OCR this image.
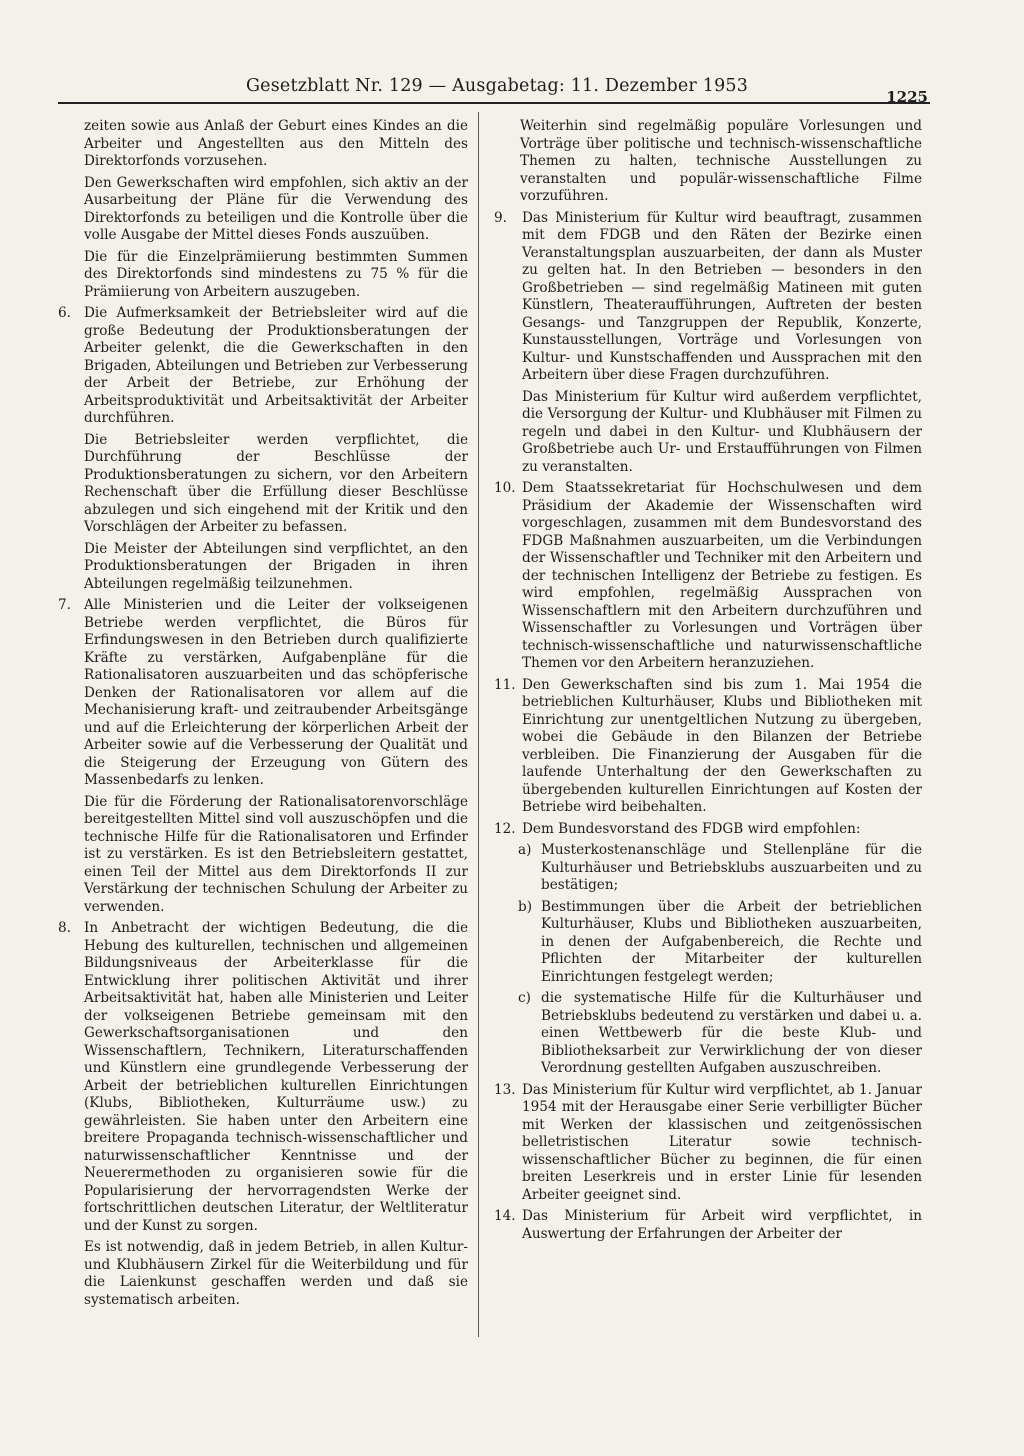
Gesetzblatt Nr. 129 — Ausgabetag: 11. Dezember 1953
1225

zeiten sowie aus Anlaß der Geburt eines Kindes an die Arbeiter und Angestellten aus den Mitteln des Direktorfonds vorzusehen.

Den Gewerkschaften wird empfohlen, sich aktiv an der Ausarbeitung der Pläne für die Verwendung des Direktorfonds zu beteiligen und die Kontrolle über die volle Ausgabe der Mittel dieses Fonds auszuüben.

Die für die Einzelprämiierung bestimmten Summen des Direktorfonds sind mindestens zu 75 % für die Prämiierung von Arbeitern auszugeben.

6. Die Aufmerksamkeit der Betriebsleiter wird auf die große Bedeutung der Produktionsberatungen der Arbeiter gelenkt, die die Gewerkschaften in den Brigaden, Abteilungen und Betrieben zur Verbesserung der Arbeit der Betriebe, zur Erhöhung der Arbeitsproduktivität und Arbeitsaktivität der Arbeiter durchführen.

Die Betriebsleiter werden verpflichtet, die Durchführung der Beschlüsse der Produktionsberatungen zu sichern, vor den Arbeitern Rechenschaft über die Erfüllung dieser Beschlüsse abzulegen und sich eingehend mit der Kritik und den Vorschlägen der Arbeiter zu befassen.

Die Meister der Abteilungen sind verpflichtet, an den Produktionsberatungen der Brigaden in ihren Abteilungen regelmäßig teilzunehmen.

7. Alle Ministerien und die Leiter der volkseigenen Betriebe werden verpflichtet, die Büros für Erfindungswesen in den Betrieben durch qualifizierte Kräfte zu verstärken, Aufgabenpläne für die Rationalisatoren auszuarbeiten und das schöpferische Denken der Rationalisatoren vor allem auf die Mechanisierung kraft- und zeitraubender Arbeitsgänge und auf die Erleichterung der körperlichen Arbeit der Arbeiter sowie auf die Verbesserung der Qualität und die Steigerung der Erzeugung von Gütern des Massenbedarfs zu lenken.

Die für die Förderung der Rationalisatorenvorschläge bereitgestellten Mittel sind voll auszuschöpfen und die technische Hilfe für die Rationalisatoren und Erfinder ist zu verstärken. Es ist den Betriebsleitern gestattet, einen Teil der Mittel aus dem Direktorfonds II zur Verstärkung der technischen Schulung der Arbeiter zu verwenden.

8. In Anbetracht der wichtigen Bedeutung, die die Hebung des kulturellen, technischen und allgemeinen Bildungsniveaus der Arbeiterklasse für die Entwicklung ihrer politischen Aktivität und ihrer Arbeitsaktivität hat, haben alle Ministerien und Leiter der volkseigenen Betriebe gemeinsam mit den Gewerkschaftsorganisationen und den Wissenschaftlern, Technikern, Literaturschaffenden und Künstlern eine grundlegende Verbesserung der Arbeit der betrieblichen kulturellen Einrichtungen (Klubs, Bibliotheken, Kulturräume usw.) zu gewährleisten. Sie haben unter den Arbeitern eine breitere Propaganda technisch-wissenschaftlicher und naturwissenschaftlicher Kenntnisse und der Neuerermethoden zu organisieren sowie für die Popularisierung der hervorragendsten Werke der fortschrittlichen deutschen Literatur, der Weltliteratur und der Kunst zu sorgen.

Es ist notwendig, daß in jedem Betrieb, in allen Kultur- und Klubhäusern Zirkel für die Weiterbildung und für die Laienkunst geschaffen werden und daß sie systematisch arbeiten.

Weiterhin sind regelmäßig populäre Vorlesungen und Vorträge über politische und technisch-wissenschaftliche Themen zu halten, technische Ausstellungen zu veranstalten und populär-wissenschaftliche Filme vorzuführen.

9. Das Ministerium für Kultur wird beauftragt, zusammen mit dem FDGB und den Räten der Bezirke einen Veranstaltungsplan auszuarbeiten, der dann als Muster zu gelten hat. In den Betrieben — besonders in den Großbetrieben — sind regelmäßig Matineen mit guten Künstlern, Theateraufführungen, Auftreten der besten Gesangs- und Tanzgruppen der Republik, Konzerte, Kunstausstellungen, Vorträge und Vorlesungen von Kultur- und Kunstschaffenden und Aussprachen mit den Arbeitern über diese Fragen durchzuführen.

Das Ministerium für Kultur wird außerdem verpflichtet, die Versorgung der Kultur- und Klubhäuser mit Filmen zu regeln und dabei in den Kultur- und Klubhäusern der Großbetriebe auch Ur- und Erstaufführungen von Filmen zu veranstalten.

10. Dem Staatssekretariat für Hochschulwesen und dem Präsidium der Akademie der Wissenschaften wird vorgeschlagen, zusammen mit dem Bundesvorstand des FDGB Maßnahmen auszuarbeiten, um die Verbindungen der Wissenschaftler und Techniker mit den Arbeitern und der technischen Intelligenz der Betriebe zu festigen. Es wird empfohlen, regelmäßig Aussprachen von Wissenschaftlern mit den Arbeitern durchzuführen und Wissenschaftler zu Vorlesungen und Vorträgen über technisch-wissenschaftliche und naturwissenschaftliche Themen vor den Arbeitern heranzuziehen.

11. Den Gewerkschaften sind bis zum 1. Mai 1954 die betrieblichen Kulturhäuser, Klubs und Bibliotheken mit Einrichtung zur unentgeltlichen Nutzung zu übergeben, wobei die Gebäude in den Bilanzen der Betriebe verbleiben. Die Finanzierung der Ausgaben für die laufende Unterhaltung der den Gewerkschaften zu übergebenden kulturellen Einrichtungen auf Kosten der Betriebe wird beibehalten.

12. Dem Bundesvorstand des FDGB wird empfohlen:

a) Musterkostenanschläge und Stellenpläne für die Kulturhäuser und Betriebsklubs auszuarbeiten und zu bestätigen;

b) Bestimmungen über die Arbeit der betrieblichen Kulturhäuser, Klubs und Bibliotheken auszuarbeiten, in denen der Aufgabenbereich, die Rechte und Pflichten der Mitarbeiter der kulturellen Einrichtungen festgelegt werden;

c) die systematische Hilfe für die Kulturhäuser und Betriebsklubs bedeutend zu verstärken und dabei u. a. einen Wettbewerb für die beste Klub- und Bibliotheksarbeit zur Verwirklichung der von dieser Verordnung gestellten Aufgaben auszuschreiben.

13. Das Ministerium für Kultur wird verpflichtet, ab 1. Januar 1954 mit der Herausgabe einer Serie verbilligter Bücher mit Werken der klassischen und zeitgenössischen belletristischen Literatur sowie technisch-wissenschaftlicher Bücher zu beginnen, die für einen breiten Leserkreis und in erster Linie für lesenden Arbeiter geeignet sind.

14. Das Ministerium für Arbeit wird verpflichtet, in Auswertung der Erfahrungen der Arbeiter der
